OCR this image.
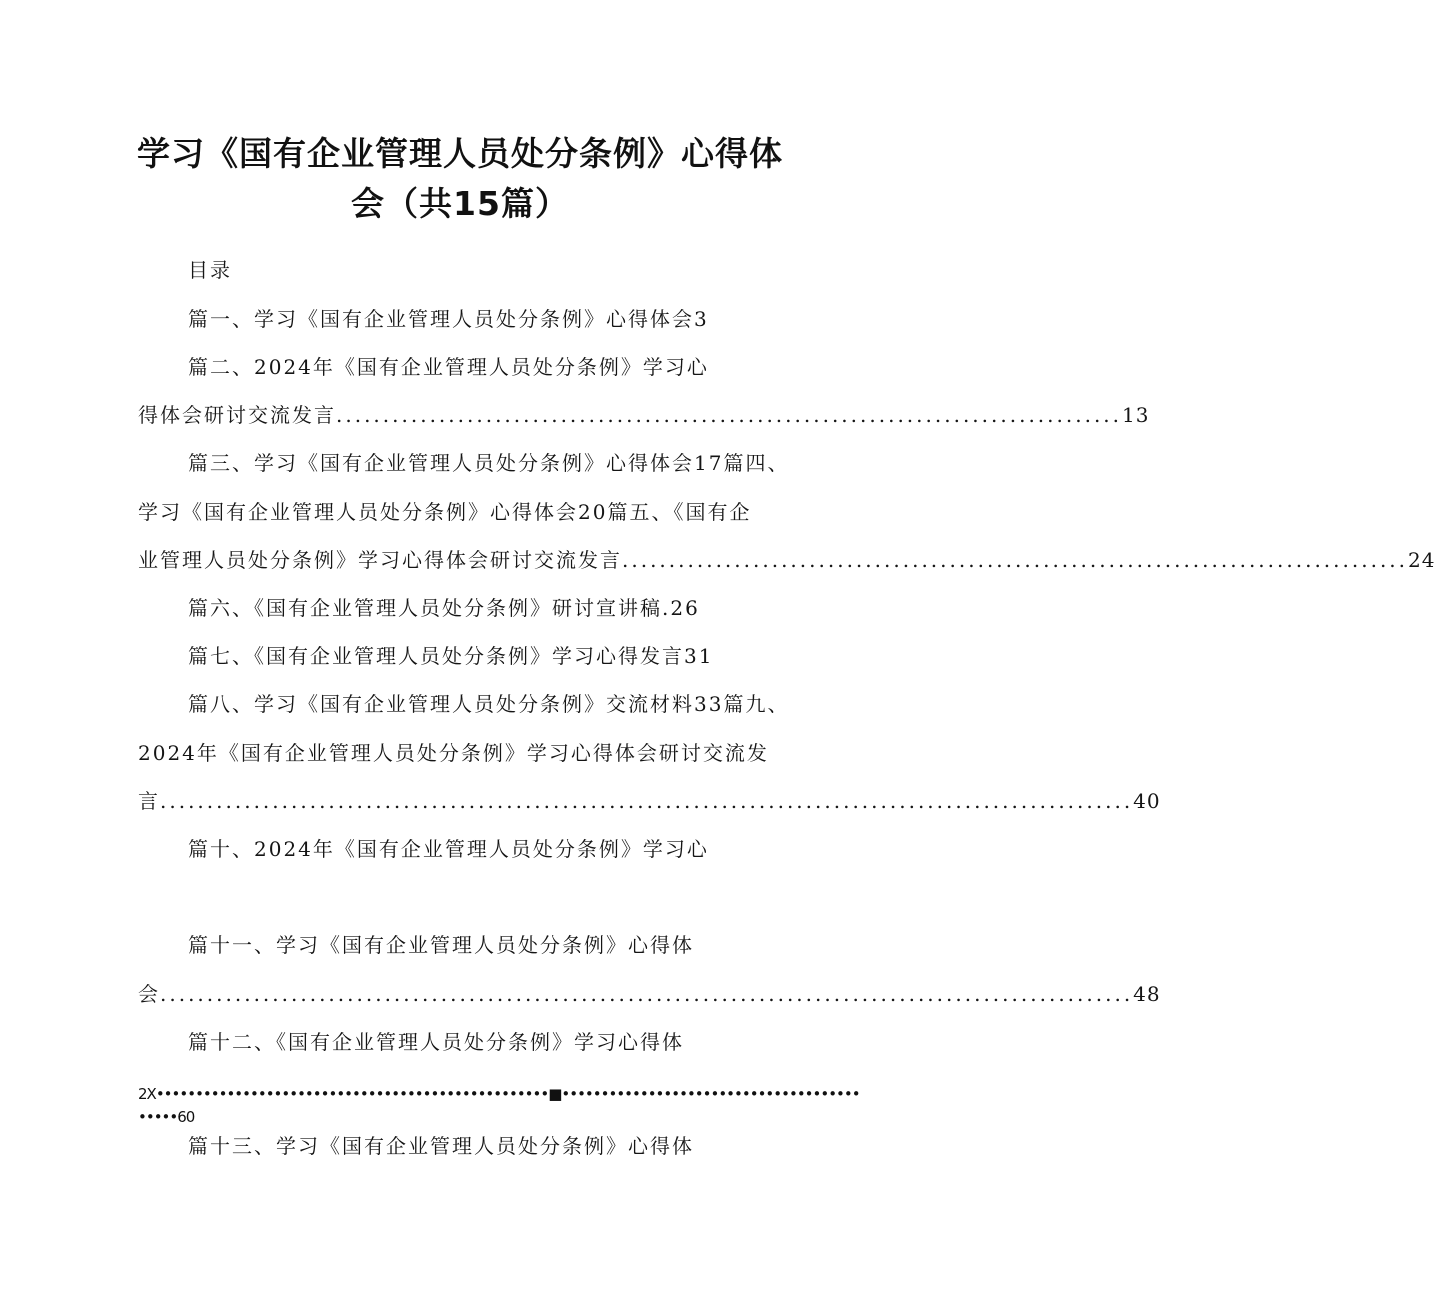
学习《国有企业管理人员处分条例》心得体
会（共15篇）

目录

篇一、学习《国有企业管理人员处分条例》心得体会3

篇二、2024年《国有企业管理人员处分条例》学习心

得体会研讨交流发言 .................................................................................... 13

篇三、学习《国有企业管理人员处分条例》心得体会17篇四、

学习《国有企业管理人员处分条例》心得体会20篇五、《国有企

业管理人员处分条例》学习心得体会研讨交流发言 .................................................................................... 24

篇六、《国有企业管理人员处分条例》研讨宣讲稿.26

篇七、《国有企业管理人员处分条例》学习心得发言31

篇八、学习《国有企业管理人员处分条例》交流材料33篇九、

2024年《国有企业管理人员处分条例》学习心得体会研讨交流发

言 ........................................................................................................ 40

篇十、2024年《国有企业管理人员处分条例》学习心

篇十一、学习《国有企业管理人员处分条例》心得体

会 ........................................................................................................ 48

篇十二、《国有企业管理人员处分条例》学习心得体

2X••••••••••••••••••••••••••••••••••••••••••••••••••■••••••••••••••••••••••••••••••••••••••
•••••60

篇十三、学习《国有企业管理人员处分条例》心得体
